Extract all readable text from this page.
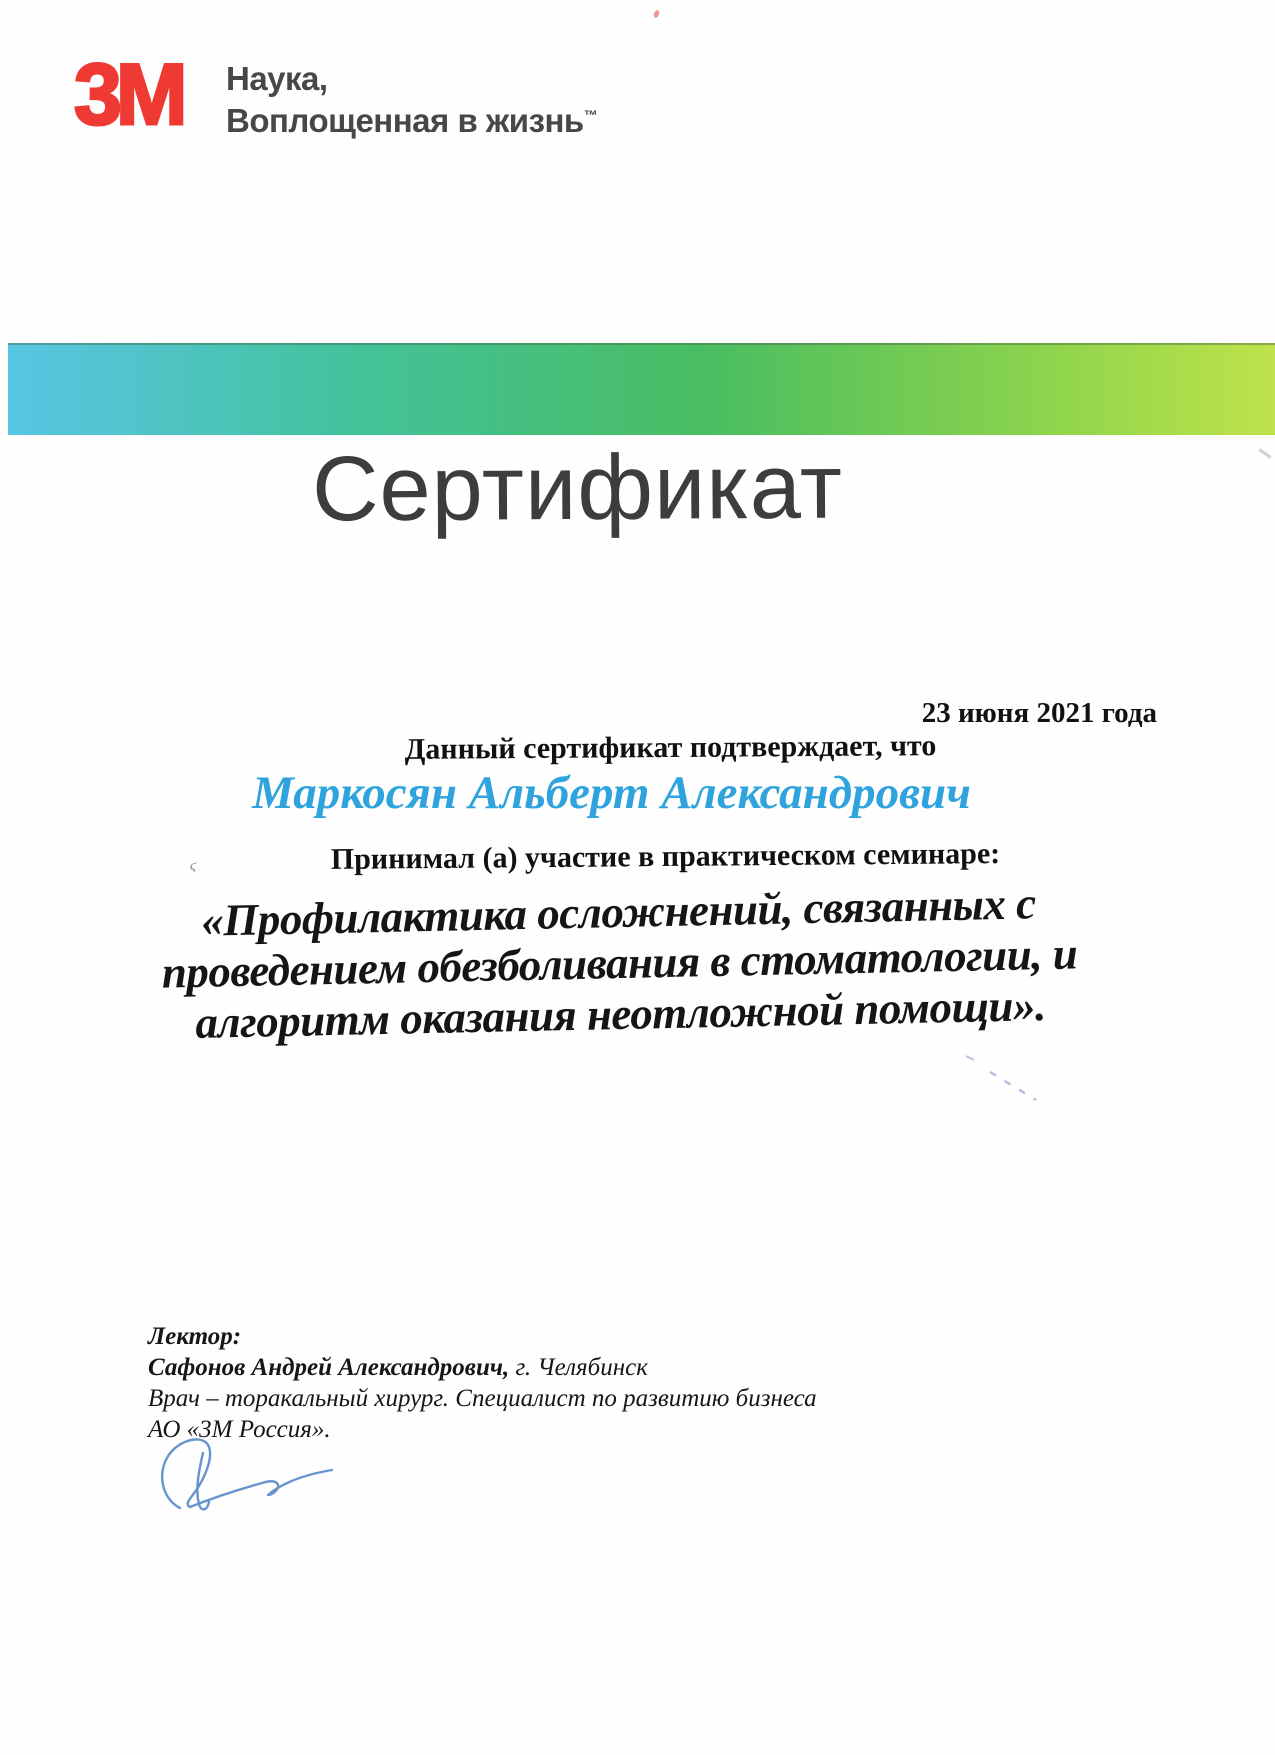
3M Наука,
Воплощенная в жизнь™
Сертификат
23 июня 2021 года
Данный сертификат подтверждает, что
Маркосян Альберт Александрович
Принимал (а) участие в практическом семинаре:
«Профилактика осложнений, связанных с
проведением обезболивания в стоматологии, и
алгоритм оказания неотложной помощи».
Лектор:
Сафонов Андрей Александрович, г. Челябинск
Врач – торакальный хирург. Специалист по развитию бизнеса
АО «3М Россия».
ϛ
